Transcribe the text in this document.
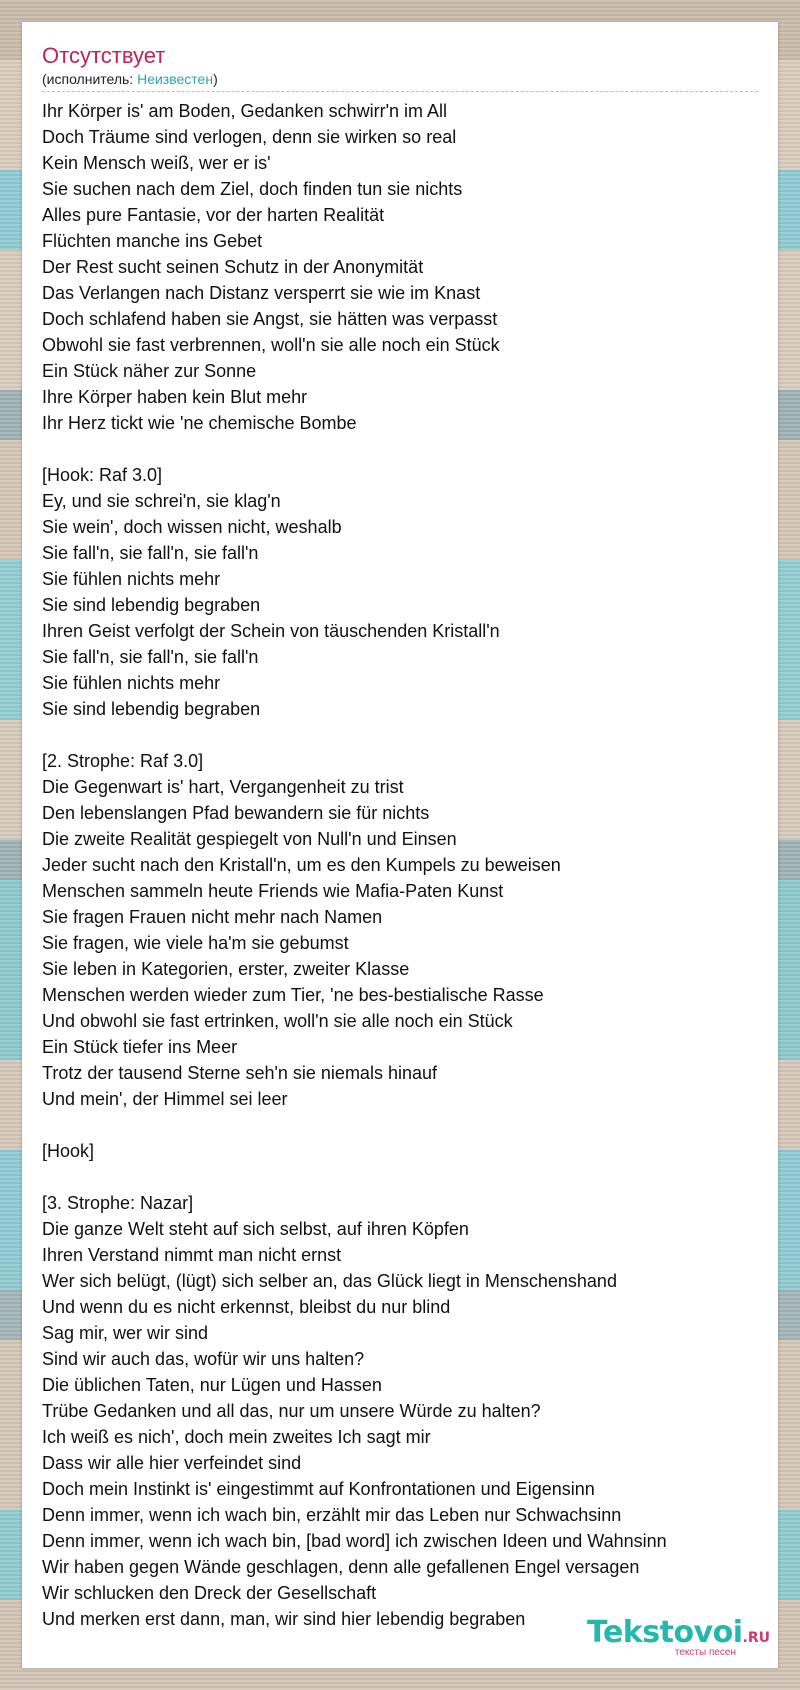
Отсутствует
(исполнитель: Неизвестен)
Ihr Körper is' am Boden, Gedanken schwirr'n im All
Doch Träume sind verlogen, denn sie wirken so real
Kein Mensch weiß, wer er is'
Sie suchen nach dem Ziel, doch finden tun sie nichts
Alles pure Fantasie, vor der harten Realität
Flüchten manche ins Gebet
Der Rest sucht seinen Schutz in der Anonymität
Das Verlangen nach Distanz versperrt sie wie im Knast
Doch schlafend haben sie Angst, sie hätten was verpasst
Obwohl sie fast verbrennen, woll'n sie alle noch ein Stück
Ein Stück näher zur Sonne
Ihre Körper haben kein Blut mehr
Ihr Herz tickt wie 'ne chemische Bombe
[Hook: Raf 3.0]
Ey, und sie schrei'n, sie klag'n
Sie wein', doch wissen nicht, weshalb
Sie fall'n, sie fall'n, sie fall'n
Sie fühlen nichts mehr
Sie sind lebendig begraben
Ihren Geist verfolgt der Schein von täuschenden Kristall'n
Sie fall'n, sie fall'n, sie fall'n
Sie fühlen nichts mehr
Sie sind lebendig begraben
[2. Strophe: Raf 3.0]
Die Gegenwart is' hart, Vergangenheit zu trist
Den lebenslangen Pfad bewandern sie für nichts
Die zweite Realität gespiegelt von Null'n und Einsen
Jeder sucht nach den Kristall'n, um es den Kumpels zu beweisen
Menschen sammeln heute Friends wie Mafia-Paten Kunst
Sie fragen Frauen nicht mehr nach Namen
Sie fragen, wie viele ha'm sie gebumst
Sie leben in Kategorien, erster, zweiter Klasse
Menschen werden wieder zum Tier, 'ne bes-bestialische Rasse
Und obwohl sie fast ertrinken, woll'n sie alle noch ein Stück
Ein Stück tiefer ins Meer
Trotz der tausend Sterne seh'n sie niemals hinauf
Und mein', der Himmel sei leer
[Hook]
[3. Strophe: Nazar]
Die ganze Welt steht auf sich selbst, auf ihren Köpfen
Ihren Verstand nimmt man nicht ernst
Wer sich belügt, (lügt) sich selber an, das Glück liegt in Menschenshand
Und wenn du es nicht erkennst, bleibst du nur blind
Sag mir, wer wir sind
Sind wir auch das, wofür wir uns halten?
Die üblichen Taten, nur Lügen und Hassen
Trübe Gedanken und all das, nur um unsere Würde zu halten?
Ich weiß es nich', doch mein zweites Ich sagt mir
Dass wir alle hier verfeindet sind
Doch mein Instinkt is' eingestimmt auf Konfrontationen und Eigensinn
Denn immer, wenn ich wach bin, erzählt mir das Leben nur Schwachsinn
Denn immer, wenn ich wach bin, [bad word] ich zwischen Ideen und Wahnsinn
Wir haben gegen Wände geschlagen, denn alle gefallenen Engel versagen
Wir schlucken den Dreck der Gesellschaft
Und merken erst dann, man, wir sind hier lebendig begraben	Tekstovoi.RU
тексты песен
